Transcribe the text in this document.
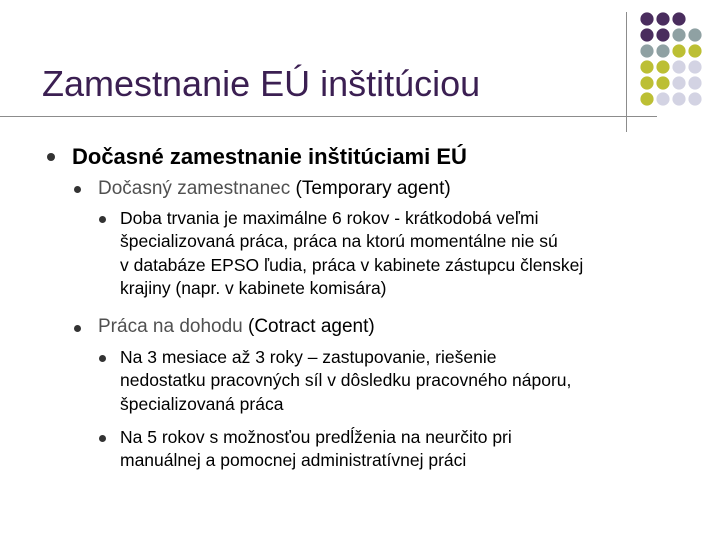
Zamestnanie EÚ inštitúciou

Dočasné zamestnanie inštitúciami EÚ

Dočasný zamestnanec (Temporary agent)

Doba trvania je maximálne 6 rokov - krátkodobá veľmi
špecializovaná práca, práca na ktorú momentálne nie sú
v databáze EPSO ľudia, práca v kabinete zástupcu členskej
krajiny (napr. v kabinete komisára)

Práca na dohodu (Cotract agent)

Na 3 mesiace až 3 roky – zastupovanie, riešenie
nedostatku pracovných síl v dôsledku pracovného náporu,
špecializovaná práca
Na 5 rokov s možnosťou predĺženia na neurčito pri
manuálnej a pomocnej administratívnej práci
